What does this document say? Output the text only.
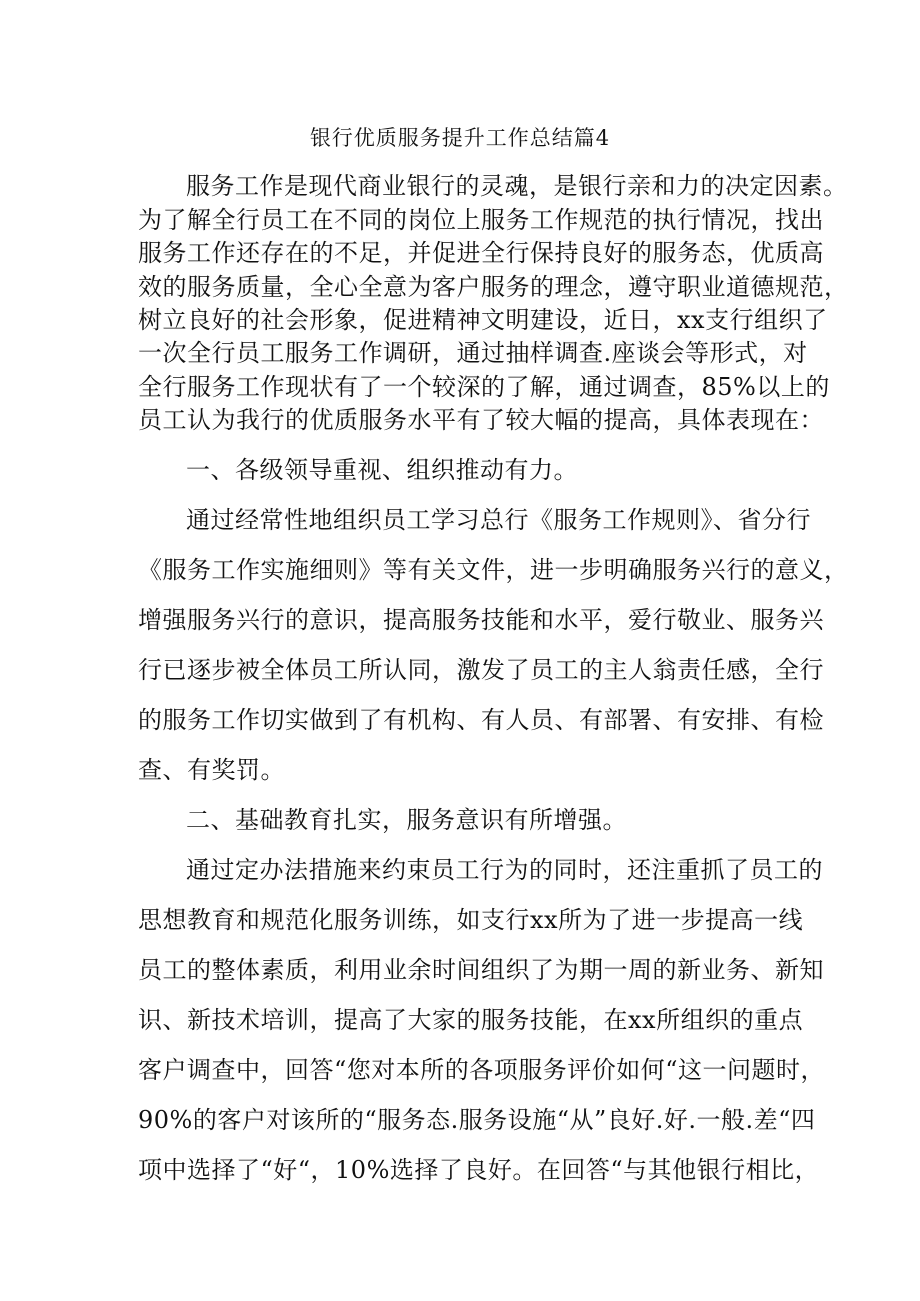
银行优质服务提升工作总结篇4
服务工作是现代商业银行的灵魂，是银行亲和力的决定因素。
为了解全行员工在不同的岗位上服务工作规范的执行情况，找出
服务工作还存在的不足，并促进全行保持良好的服务态，优质高
效的服务质量，全心全意为客户服务的理念，遵守职业道德规范，
树立良好的社会形象，促进精神文明建设，近日，xx支行组织了
一次全行员工服务工作调研，通过抽样调查.座谈会等形式，对
全行服务工作现状有了一个较深的了解，通过调查，85%以上的
员工认为我行的优质服务水平有了较大幅的提高，具体表现在：
一、各级领导重视、组织推动有力。
通过经常性地组织员工学习总行《服务工作规则》、省分行
《服务工作实施细则》等有关文件，进一步明确服务兴行的意义，
增强服务兴行的意识，提高服务技能和水平，爱行敬业、服务兴
行已逐步被全体员工所认同，激发了员工的主人翁责任感，全行
的服务工作切实做到了有机构、有人员、有部署、有安排、有检
查、有奖罚。
二、基础教育扎实，服务意识有所增强。
通过定办法措施来约束员工行为的同时，还注重抓了员工的
思想教育和规范化服务训练，如支行xx所为了进一步提高一线
员工的整体素质，利用业余时间组织了为期一周的新业务、新知
识、新技术培训，提高了大家的服务技能，在xx所组织的重点
客户调查中，回答“您对本所的各项服务评价如何“这一问题时，
90%的客户对该所的“服务态.服务设施“从”良好.好.一般.差“四
项中选择了“好“，10%选择了良好。在回答“与其他银行相比，
